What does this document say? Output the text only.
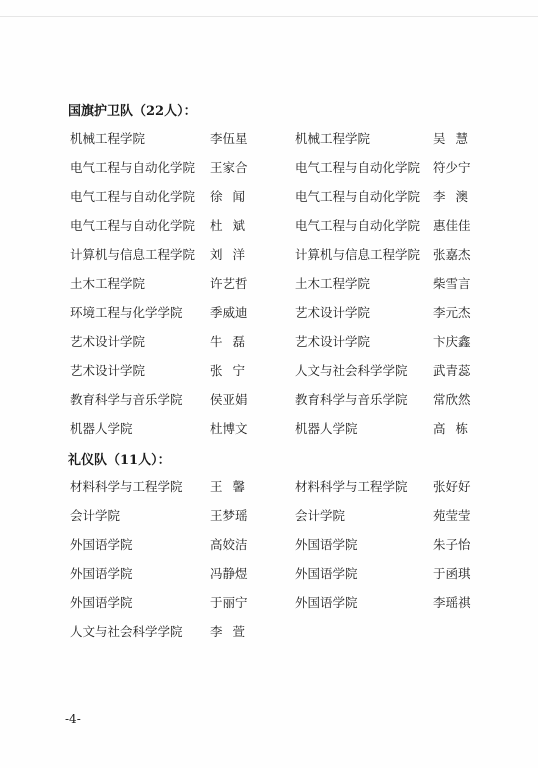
国旗护卫队（22人）：
机械工程学院	李伍星	机械工程学院	吴慧
电气工程与自动化学院 王家合	电气工程与自动化学院 符少宁
电气工程与自动化学院 徐闻	电气工程与自动化学院 李澳
电气工程与自动化学院 杜斌	电气工程与自动化学院 惠佳佳
计算机与信息工程学院 刘洋	计算机与信息工程学院 张嘉杰
土木工程学院	许艺哲	土木工程学院	柴雪言
环境工程与化学学院 季威迪	艺术设计学院	李元杰
艺术设计学院	牛磊	艺术设计学院	卞庆鑫
艺术设计学院	张宁	人文与社会科学学院 武青蕊
教育科学与音乐学院 侯亚娟	教育科学与音乐学院 常欣然
机器人学院	杜博文	机器人学院	高栋
礼仪队（11人）：
材料科学与工程学院 王馨	材料科学与工程学院 张好好
会计学院	王梦瑶	会计学院	苑莹莹
外国语学院	高姣洁	外国语学院	朱子怡
外国语学院	冯静煜	外国语学院	于函琪
外国语学院	于丽宁	外国语学院	李瑶祺
人文与社会科学学院 李萱
-4-
